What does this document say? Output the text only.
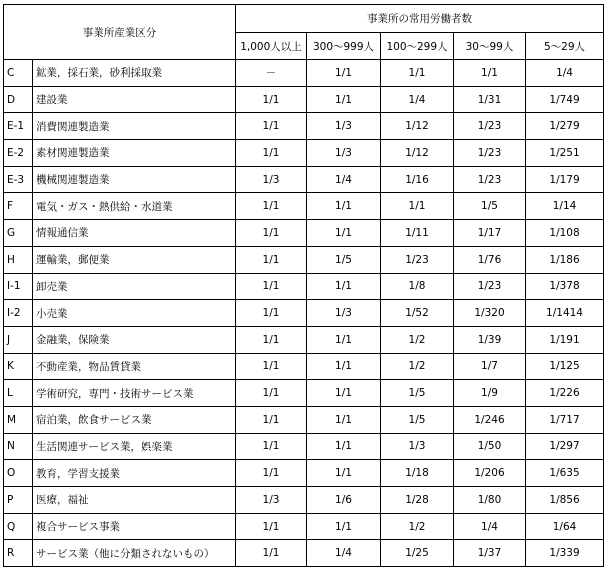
事業所産業区分		事業所の常用労働者数				
		1,000人以上	300～999人	100～299人	30～99人	5～29人
C	鉱業，採石業，砂利採取業	－	1/1	1/1	1/1	1/4
D	建設業	1/1	1/1	1/4	1/31	1/749
E-1	消費関連製造業	1/1	1/3	1/12	1/23	1/279
E-2	素材関連製造業	1/1	1/3	1/12	1/23	1/251
E-3	機械関連製造業	1/3	1/4	1/16	1/23	1/179
F	電気・ガス・熱供給・水道業	1/1	1/1	1/1	1/5	1/14
G	情報通信業	1/1	1/1	1/11	1/17	1/108
H	運輸業，郵便業	1/1	1/5	1/23	1/76	1/186
I-1	卸売業	1/1	1/1	1/8	1/23	1/378
I-2	小売業	1/1	1/3	1/52	1/320	1/1414
J	金融業，保険業	1/1	1/1	1/2	1/39	1/191
K	不動産業，物品賃貸業	1/1	1/1	1/2	1/7	1/125
L	学術研究，専門・技術サービス業	1/1	1/1	1/5	1/9	1/226
M	宿泊業，飲食サービス業	1/1	1/1	1/5	1/246	1/717
N	生活関連サービス業，娯楽業	1/1	1/1	1/3	1/50	1/297
O	教育，学習支援業	1/1	1/1	1/18	1/206	1/635
P	医療，福祉	1/3	1/6	1/28	1/80	1/856
Q	複合サービス事業	1/1	1/1	1/2	1/4	1/64
R	サービス業（他に分類されないもの）	1/1	1/4	1/25	1/37	1/339
